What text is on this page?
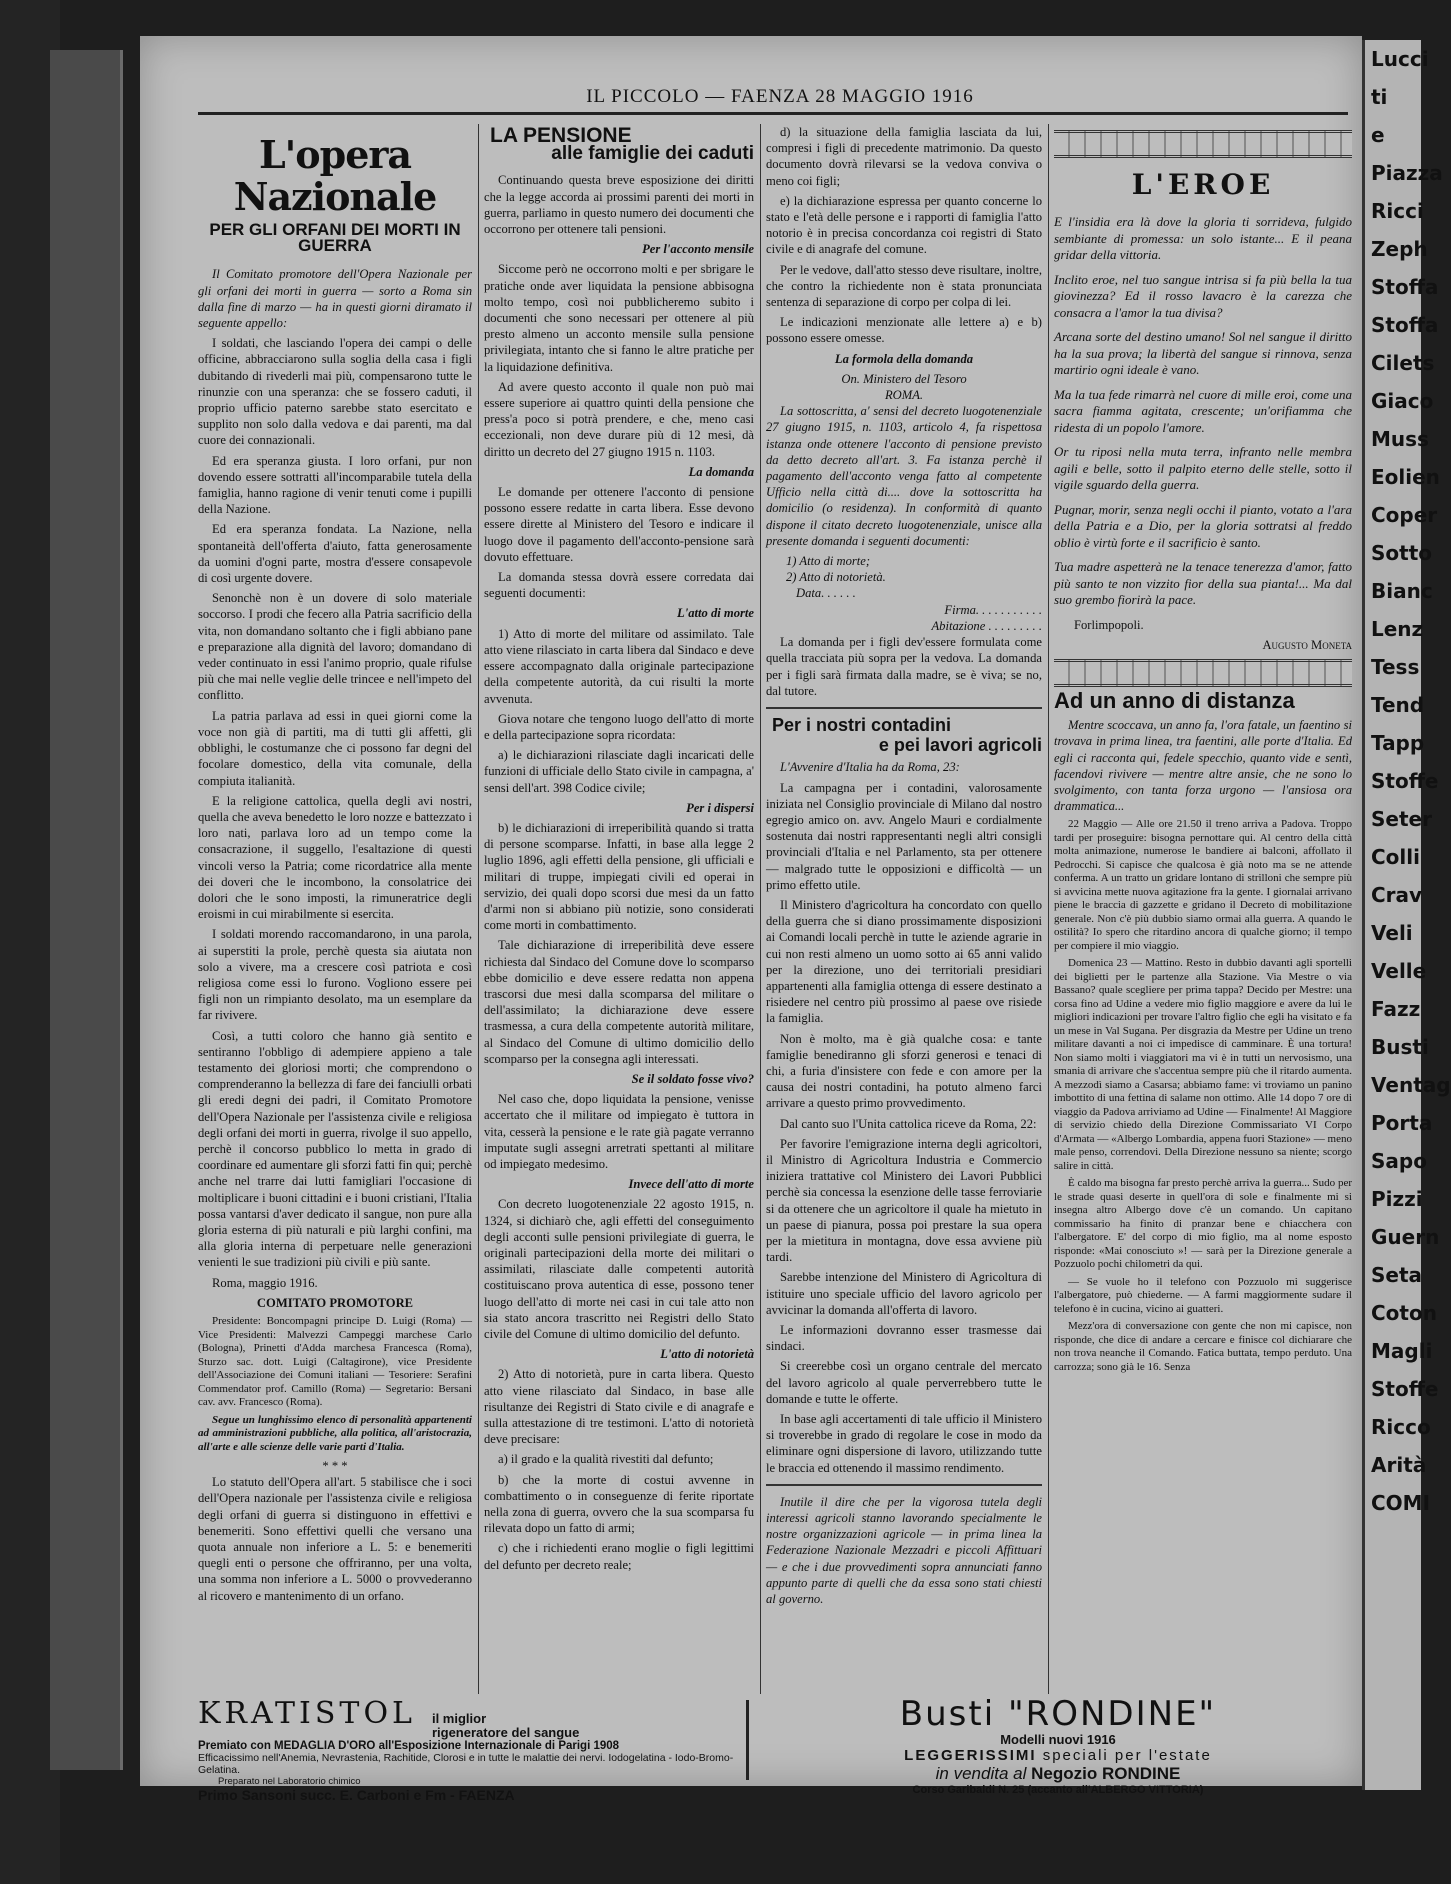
IL PICCOLO — FAENZA 28 MAGGIO 1916
L'opera Nazionale
PER GLI ORFANI DEI MORTI IN GUERRA

Il Comitato promotore dell'Opera Nazionale per gli orfani dei morti in guerra — sorto a Roma sin dalla fine di marzo — ha in questi giorni diramato il seguente appello:

I soldati, che lasciando l'opera dei campi o delle officine, abbracciarono sulla soglia della casa i figli dubitando di rivederli mai più, compensarono tutte le rinunzie con una speranza: che se fossero caduti, il proprio ufficio paterno sarebbe stato esercitato e supplito non solo dalla vedova e dai parenti, ma dal cuore dei connazionali.

Ed era speranza giusta. I loro orfani, pur non dovendo essere sottratti all'incomparabile tutela della famiglia, hanno ragione di venir tenuti come i pupilli della Nazione.

Ed era speranza fondata. La Nazione, nella spontaneità dell'offerta d'aiuto, fatta generosamente da uomini d'ogni parte, mostra d'essere consapevole di così urgente dovere.

Senonchè non è un dovere di solo materiale soccorso. I prodi che fecero alla Patria sacrificio della vita, non domandano soltanto che i figli abbiano pane e preparazione alla dignità del lavoro; domandano di veder continuato in essi l'animo proprio, quale rifulse più che mai nelle veglie delle trincee e nell'impeto del conflitto.

La patria parlava ad essi in quei giorni come la voce non già di partiti, ma di tutti gli affetti, gli obblighi, le costumanze che ci possono far degni del focolare domestico, della vita comunale, della compiuta italianità.

E la religione cattolica, quella degli avi nostri, quella che aveva benedetto le loro nozze e battezzato i loro nati, parlava loro ad un tempo come la consacrazione, il suggello, l'esaltazione di questi vincoli verso la Patria; come ricordatrice alla mente dei doveri che le incombono, la consolatrice dei dolori che le sono imposti, la rimuneratrice degli eroismi in cui mirabilmente si esercita.

I soldati morendo raccomandarono, in una parola, ai superstiti la prole, perchè questa sia aiutata non solo a vivere, ma a crescere così patriota e così religiosa come essi lo furono. Vogliono essere pei figli non un rimpianto desolato, ma un esemplare da far rivivere.

Così, a tutti coloro che hanno già sentito e sentiranno l'obbligo di adempiere appieno a tale testamento dei gloriosi morti; che comprendono o comprenderanno la bellezza di fare dei fanciulli orbati gli eredi degni dei padri, il Comitato Promotore dell'Opera Nazionale per l'assistenza civile e religiosa degli orfani dei morti in guerra, rivolge il suo appello, perchè il concorso pubblico lo metta in grado di coordinare ed aumentare gli sforzi fatti fin qui; perchè anche nel trarre dai lutti famigliari l'occasione di moltiplicare i buoni cittadini e i buoni cristiani, l'Italia possa vantarsi d'aver dedicato il sangue, non pure alla gloria esterna di più naturali e più larghi confini, ma alla gloria interna di perpetuare nelle generazioni venienti le sue tradizioni più civili e più sante.

Roma, maggio 1916.

COMITATO PROMOTORE

Presidente: Boncompagni principe D. Luigi (Roma) — Vice Presidenti: Malvezzi Campeggi marchese Carlo (Bologna), Prinetti d'Adda marchesa Francesca (Roma), Sturzo sac. dott. Luigi (Caltagirone), vice Presidente dell'Associazione dei Comuni italiani — Tesoriere: Serafini Commendator prof. Camillo (Roma) — Segretario: Bersani cav. avv. Francesco (Roma).

Segue un lunghissimo elenco di personalità appartenenti ad amministrazioni pubbliche, alla politica, all'aristocrazia, all'arte e alle scienze delle varie parti d'Italia.

* * *

Lo statuto dell'Opera all'art. 5 stabilisce che i soci dell'Opera nazionale per l'assistenza civile e religiosa degli orfani di guerra si distinguono in effettivi e benemeriti. Sono effettivi quelli che versano una quota annuale non inferiore a L. 5: e benemeriti quegli enti o persone che offriranno, per una volta, una somma non inferiore a L. 5000 o provvederanno al ricovero e mantenimento di un orfano.

LA PENSIONE
alle famiglie dei caduti

Continuando questa breve esposizione dei diritti che la legge accorda ai prossimi parenti dei morti in guerra, parliamo in questo numero dei documenti che occorrono per ottenere tali pensioni.

Per l'acconto mensile

Siccome però ne occorrono molti e per sbrigare le pratiche onde aver liquidata la pensione abbisogna molto tempo, così noi pubblicheremo subito i documenti che sono necessari per ottenere al più presto almeno un acconto mensile sulla pensione privilegiata, intanto che si fanno le altre pratiche per la liquidazione definitiva.

Ad avere questo acconto il quale non può mai essere superiore ai quattro quinti della pensione che press'a poco si potrà prendere, e che, meno casi eccezionali, non deve durare più di 12 mesi, dà diritto un decreto del 27 giugno 1915 n. 1103.

La domanda

Le domande per ottenere l'acconto di pensione possono essere redatte in carta libera. Esse devono essere dirette al Ministero del Tesoro e indicare il luogo dove il pagamento dell'acconto-pensione sarà dovuto effettuare.

La domanda stessa dovrà essere corredata dai seguenti documenti:

L'atto di morte

1) Atto di morte del militare od assimilato. Tale atto viene rilasciato in carta libera dal Sindaco e deve essere accompagnato dalla originale partecipazione della competente autorità, da cui risulti la morte avvenuta.

Giova notare che tengono luogo dell'atto di morte e della partecipazione sopra ricordata:

a) le dichiarazioni rilasciate dagli incaricati delle funzioni di ufficiale dello Stato civile in campagna, a' sensi dell'art. 398 Codice civile;

Per i dispersi

b) le dichiarazioni di irreperibilità quando si tratta di persone scomparse. Infatti, in base alla legge 2 luglio 1896, agli effetti della pensione, gli ufficiali e militari di truppe, impiegati civili ed operai in servizio, dei quali dopo scorsi due mesi da un fatto d'armi non si abbiano più notizie, sono considerati come morti in combattimento.

Tale dichiarazione di irreperibilità deve essere richiesta dal Sindaco del Comune dove lo scomparso ebbe domicilio e deve essere redatta non appena trascorsi due mesi dalla scomparsa del militare o dell'assimilato; la dichiarazione deve essere trasmessa, a cura della competente autorità militare, al Sindaco del Comune di ultimo domicilio dello scomparso per la consegna agli interessati.

Se il soldato fosse vivo?

Nel caso che, dopo liquidata la pensione, venisse accertato che il militare od impiegato è tuttora in vita, cesserà la pensione e le rate già pagate verranno imputate sugli assegni arretrati spettanti al militare od impiegato medesimo.

Invece dell'atto di morte

Con decreto luogotenenziale 22 agosto 1915, n. 1324, si dichiarò che, agli effetti del conseguimento degli acconti sulle pensioni privilegiate di guerra, le originali partecipazioni della morte dei militari o assimilati, rilasciate dalle competenti autorità costituiscano prova autentica di esse, possono tener luogo dell'atto di morte nei casi in cui tale atto non sia stato ancora trascritto nei Registri dello Stato civile del Comune di ultimo domicilio del defunto.

L'atto di notorietà

2) Atto di notorietà, pure in carta libera. Questo atto viene rilasciato dal Sindaco, in base alle risultanze dei Registri di Stato civile e di anagrafe e sulla attestazione di tre testimoni. L'atto di notorietà deve precisare:

a) il grado e la qualità rivestiti dal defunto;

b) che la morte di costui avvenne in combattimento o in conseguenze di ferite riportate nella zona di guerra, ovvero che la sua scomparsa fu rilevata dopo un fatto di armi;

c) che i richiedenti erano moglie o figli legittimi del defunto per decreto reale;

d) la situazione della famiglia lasciata da lui, compresi i figli di precedente matrimonio. Da questo documento dovrà rilevarsi se la vedova conviva o meno coi figli;

e) la dichiarazione espressa per quanto concerne lo stato e l'età delle persone e i rapporti di famiglia l'atto notorio è in precisa concordanza coi registri di Stato civile e di anagrafe del comune.

Per le vedove, dall'atto stesso deve risultare, inoltre, che contro la richiedente non è stata pronunciata sentenza di separazione di corpo per colpa di lei.

Le indicazioni menzionate alle lettere a) e b) possono essere omesse.

La formola della domanda
On. Ministero del Tesoro
ROMA.

La sottoscritta, a' sensi del decreto luogotenenziale 27 giugno 1915, n. 1103, articolo 4, fa rispettosa istanza onde ottenere l'acconto di pensione previsto da detto decreto all'art. 3. Fa istanza perchè il pagamento dell'acconto venga fatto al competente Ufficio nella città di.... dove la sottoscritta ha domicilio (o residenza). In conformità di quanto dispone il citato decreto luogotenenziale, unisce alla presente domanda i seguenti documenti:

1) Atto di morte;
2) Atto di notorietà.
Data. . . . . .
Firma. . . . . . . . . . .
Abitazione . . . . . . . . .

La domanda per i figli dev'essere formulata come quella tracciata più sopra per la vedova. La domanda per i figli sarà firmata dalla madre, se è viva; se no, dal tutore.

Per i nostri contadini
e pei lavori agricoli

L'Avvenire d'Italia ha da Roma, 23:

La campagna per i contadini, valorosamente iniziata nel Consiglio provinciale di Milano dal nostro egregio amico on. avv. Angelo Mauri e cordialmente sostenuta dai nostri rappresentanti negli altri consigli provinciali d'Italia e nel Parlamento, sta per ottenere — malgrado tutte le opposizioni e difficoltà — un primo effetto utile.

Il Ministero d'agricoltura ha concordato con quello della guerra che si diano prossimamente disposizioni ai Comandi locali perchè in tutte le aziende agrarie in cui non resti almeno un uomo sotto ai 65 anni valido per la direzione, uno dei territoriali presidiari appartenenti alla famiglia ottenga di essere destinato a risiedere nel centro più prossimo al paese ove risiede la famiglia.

Non è molto, ma è già qualche cosa: e tante famiglie benediranno gli sforzi generosi e tenaci di chi, a furia d'insistere con fede e con amore per la causa dei nostri contadini, ha potuto almeno farci arrivare a questo primo provvedimento.

Dal canto suo l'Unita cattolica riceve da Roma, 22:

Per favorire l'emigrazione interna degli agricoltori, il Ministro di Agricoltura Industria e Commercio iniziera trattative col Ministero dei Lavori Pubblici perchè sia concessa la esenzione delle tasse ferroviarie si da ottenere che un agricoltore il quale ha mietuto in un paese di pianura, possa poi prestare la sua opera per la mietitura in montagna, dove essa avviene più tardi.

Sarebbe intenzione del Ministero di Agricoltura di istituire uno speciale ufficio del lavoro agricolo per avvicinar la domanda all'offerta di lavoro.

Le informazioni dovranno esser trasmesse dai sindaci.

Si creerebbe così un organo centrale del mercato del lavoro agricolo al quale perverrebbero tutte le domande e tutte le offerte.

In base agli accertamenti di tale ufficio il Ministero si troverebbe in grado di regolare le cose in modo da eliminare ogni dispersione di lavoro, utilizzando tutte le braccia ed ottenendo il massimo rendimento.

Inutile il dire che per la vigorosa tutela degli interessi agricoli stanno lavorando specialmente le nostre organizzazioni agricole — in prima linea la Federazione Nazionale Mezzadri e piccoli Affittuari — e che i due provvedimenti sopra annunciati fanno appunto parte di quelli che da essa sono stati chiesti al governo.

L'EROE

E l'insidia era là dove la gloria ti sorrideva, fulgido sembiante di promessa: un solo istante... E il peana gridar della vittoria.

Inclito eroe, nel tuo sangue intrisa si fa più bella la tua giovinezza? Ed il rosso lavacro è la carezza che consacra a l'amor la tua divisa?

Arcana sorte del destino umano! Sol nel sangue il diritto ha la sua prova; la libertà del sangue si rinnova, senza martirio ogni ideale è vano.

Ma la tua fede rimarrà nel cuore di mille eroi, come una sacra fiamma agitata, crescente; un'orifiamma che ridesta di un popolo l'amore.

Or tu riposi nella muta terra, infranto nelle membra agili e belle, sotto il palpito eterno delle stelle, sotto il vigile sguardo della guerra.

Pugnar, morir, senza negli occhi il pianto, votato a l'ara della Patria e a Dio, per la gloria sottratsi al freddo oblio è virtù forte e il sacrificio è santo.

Tua madre aspetterà ne la tenace tenerezza d'amor, fatto più santo te non vizzito fior della sua pianta!... Ma dal suo grembo fiorirà la pace.

Forlimpopoli.
Augusto Moneta
Ad un anno di distanza

Mentre scoccava, un anno fa, l'ora fatale, un faentino si trovava in prima linea, tra faentini, alle porte d'Italia. Ed egli ci racconta qui, fedele specchio, quanto vide e sentì, facendovi rivivere — mentre altre ansie, che ne sono lo svolgimento, con tanta forza urgono — l'ansiosa ora drammatica...

22 Maggio — Alle ore 21.50 il treno arriva a Padova. Troppo tardi per proseguire: bisogna pernottare qui. Al centro della città molta animazione, numerose le bandiere ai balconi, affollato il Pedrocchi. Si capisce che qualcosa è già noto ma se ne attende conferma. A un tratto un gridare lontano di strilloni che sempre più si avvicina mette nuova agitazione fra la gente. I giornalai arrivano piene le braccia di gazzette e gridano il Decreto di mobilitazione generale. Non c'è più dubbio siamo ormai alla guerra. A quando le ostilità? Io spero che ritardino ancora di qualche giorno; il tempo per compiere il mio viaggio.

Domenica 23 — Mattino. Resto in dubbio davanti agli sportelli dei biglietti per le partenze alla Stazione. Via Mestre o via Bassano? quale scegliere per prima tappa? Decido per Mestre: una corsa fino ad Udine a vedere mio figlio maggiore e avere da lui le migliori indicazioni per trovare l'altro figlio che egli ha visitato e fa un mese in Val Sugana. Per disgrazia da Mestre per Udine un treno militare davanti a noi ci impedisce di camminare. È una tortura! Non siamo molti i viaggiatori ma vi è in tutti un nervosismo, una smania di arrivare che s'accentua sempre più che il ritardo aumenta. A mezzodì siamo a Casarsa; abbiamo fame: vi troviamo un panino imbottito di una fettina di salame non ottimo. Alle 14 dopo 7 ore di viaggio da Padova arriviamo ad Udine — Finalmente! Al Maggiore di servizio chiedo della Direzione Commissariato VI Corpo d'Armata — «Albergo Lombardia, appena fuori Stazione» — meno male penso, correndovi. Della Direzione nessuno sa niente; scorgo salire in città.

È caldo ma bisogna far presto perchè arriva la guerra... Sudo per le strade quasi deserte in quell'ora di sole e finalmente mi si insegna altro Albergo dove c'è un comando. Un capitano commissario ha finito di pranzar bene e chiacchera con l'albergatore. E' del corpo di mio figlio, ma al nome esposto risponde: «Mai conosciuto »! — sarà per la Direzione generale a Pozzuolo pochi chilometri da qui.

— Se vuole ho il telefono con Pozzuolo mi suggerisce l'albergatore, può chiederne. — A farmi maggiormente sudare il telefono è in cucina, vicino ai guatteri.

Mezz'ora di conversazione con gente che non mi capisce, non risponde, che dice di andare a cercare e finisce col dichiarare che non trova neanche il Comando. Fatica buttata, tempo perduto. Una carrozza; sono già le 16. Senza

KRATISTOL il miglior
rigeneratore del sangue
Premiato con MEDAGLIA D'ORO all'Esposizione Internazionale di Parigi 1908
Efficacissimo nell'Anemia, Nevrastenia, Rachitide, Clorosi e in tutte le malattie dei nervi. Iodogelatina - Iodo-Bromo-Gelatina.
Preparato nel Laboratorio chimico
Primo Sansoni succ. E. Carboni e Fm - FAENZA
Busti "RONDINE"
Modelli nuovi 1916
LEGGERISSIMI speciali per l'estate
in vendita al Negozio RONDINE
Corso Garibaldi N. 25 (accanto all'ALBERGO VITTORIA)
Lucci
ti
e
Piazza
Ricci
Zeph
Stoffa
Stoffa
Cilets
Giaco
Muss
Eolien
Coper
Sotto
Bianc
Lenz
Tess
Tend
Tapp
Stoffe
Seter
Colli
Crav
Veli
Velle
Fazz
Busti
Ventag
Porta
Sapo
Pizzi
Guern
Seta
Coton
Magli
Stoffe
Ricco
Arità
COMI
